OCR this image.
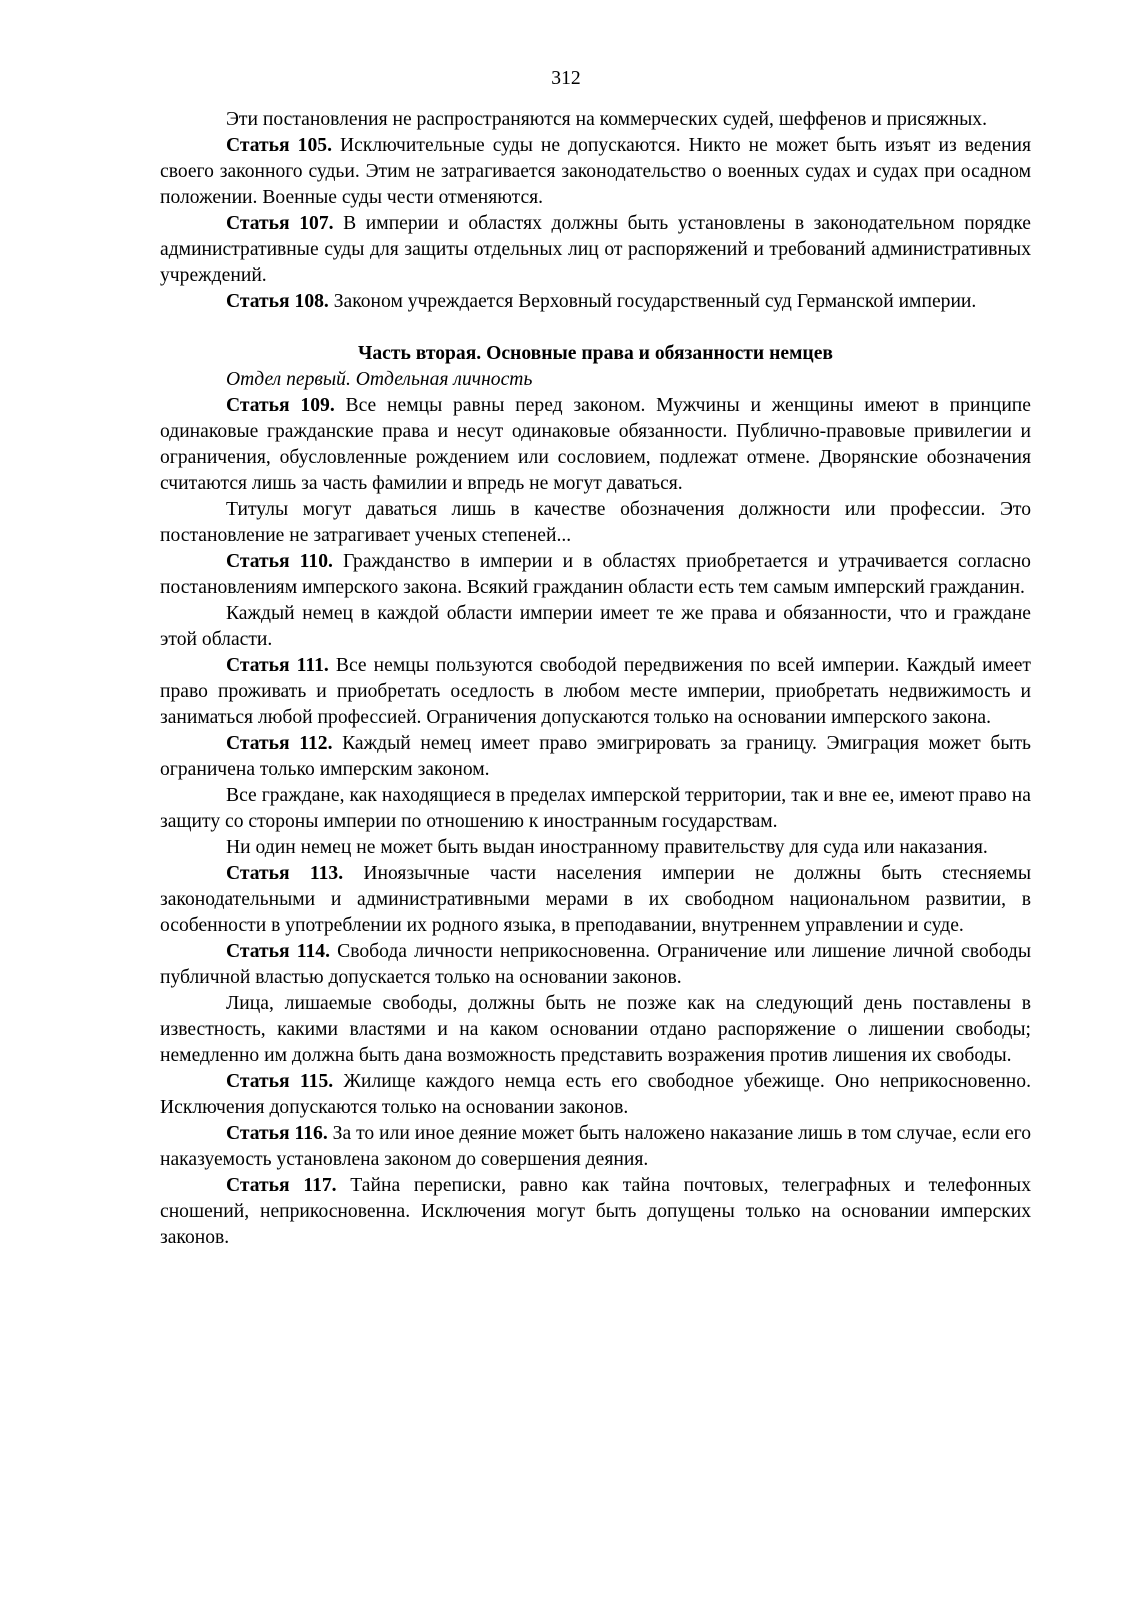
312

Эти постановления не распространяются на коммерческих судей, шеффенов и присяжных.

Статья 105. Исключительные суды не допускаются. Никто не может быть изъят из ведения своего законного судьи. Этим не затрагивается законодательство о военных судах и судах при осадном положении. Военные суды чести отменяются.

Статья 107. В империи и областях должны быть установлены в законодательном порядке административные суды для защиты отдельных лиц от распоряжений и требований административных учреждений.

Статья 108. Законом учреждается Верховный государственный суд Германской империи.

Часть вторая. Основные права и обязанности немцев

Отдел первый. Отдельная личность

Статья 109. Все немцы равны перед законом. Мужчины и женщины имеют в принципе одинаковые гражданские права и несут одинаковые обязанности. Публично-правовые привилегии и ограничения, обусловленные рождением или сословием, подлежат отмене. Дворянские обозначения считаются лишь за часть фамилии и впредь не могут даваться.

Титулы могут даваться лишь в качестве обозначения должности или профессии. Это постановление не затрагивает ученых степеней...

Статья 110. Гражданство в империи и в областях приобретается и утрачивается согласно постановлениям имперского закона. Всякий гражданин области есть тем самым имперский гражданин.

Каждый немец в каждой области империи имеет те же права и обязанности, что и граждане этой области.

Статья 111. Все немцы пользуются свободой передвижения по всей империи. Каждый имеет право проживать и приобретать оседлость в любом месте империи, приобретать недвижимость и заниматься любой профессией. Ограничения допускаются только на основании имперского закона.

Статья 112. Каждый немец имеет право эмигрировать за границу. Эмиграция может быть ограничена только имперским законом.

Все граждане, как находящиеся в пределах имперской территории, так и вне ее, имеют право на защиту со стороны империи по отношению к иностранным государствам.

Ни один немец не может быть выдан иностранному правительству для суда или наказания.

Статья 113. Иноязычные части населения империи не должны быть стесняемы законодательными и административными мерами в их свободном национальном развитии, в особенности в употреблении их родного языка, в преподавании, внутреннем управлении и суде.

Статья 114. Свобода личности неприкосновенна. Ограничение или лишение личной свободы публичной властью допускается только на основании законов.

Лица, лишаемые свободы, должны быть не позже как на следующий день поставлены в известность, какими властями и на каком основании отдано распоряжение о лишении свободы; немедленно им должна быть дана возможность представить возражения против лишения их свободы.

Статья 115. Жилище каждого немца есть его свободное убежище. Оно неприкосновенно. Исключения допускаются только на основании законов.

Статья 116. За то или иное деяние может быть наложено наказание лишь в том случае, если его наказуемость установлена законом до совершения деяния.

Статья 117. Тайна переписки, равно как тайна почтовых, телеграфных и телефонных сношений, неприкосновенна. Исключения могут быть допущены только на основании имперских законов.
